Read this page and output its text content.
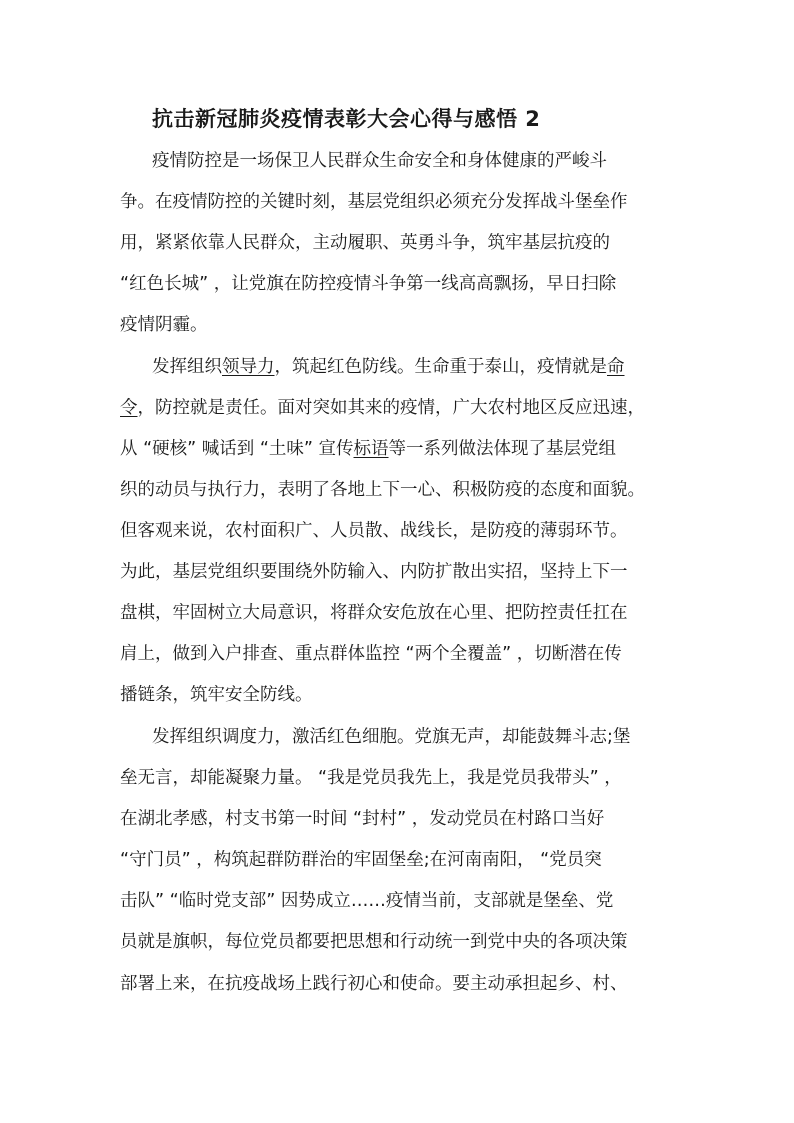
抗击新冠肺炎疫情表彰大会心得与感悟 2
疫情防控是一场保卫人民群众生命安全和身体健康的严峻斗
争。在疫情防控的关键时刻，基层党组织必须充分发挥战斗堡垒作
用，紧紧依靠人民群众，主动履职、英勇斗争，筑牢基层抗疫的
“红色长城” ，让党旗在防控疫情斗争第一线高高飘扬，早日扫除
疫情阴霾。
发挥组织领导力，筑起红色防线。生命重于泰山，疫情就是命
令，防控就是责任。面对突如其来的疫情，广大农村地区反应迅速，
从 “硬核” 喊话到 “土味” 宣传标语等一系列做法体现了基层党组
织的动员与执行力，表明了各地上下一心、积极防疫的态度和面貌。
但客观来说，农村面积广、人员散、战线长，是防疫的薄弱环节。
为此，基层党组织要围绕外防输入、内防扩散出实招，坚持上下一
盘棋，牢固树立大局意识，将群众安危放在心里、把防控责任扛在
肩上，做到入户排查、重点群体监控 “两个全覆盖” ，切断潜在传
播链条，筑牢安全防线。
发挥组织调度力，激活红色细胞。党旗无声，却能鼓舞斗志;堡
垒无言，却能凝聚力量。 “我是党员我先上，我是党员我带头” ，
在湖北孝感，村支书第一时间 “封村” ，发动党员在村路口当好
“守门员” ，构筑起群防群治的牢固堡垒;在河南南阳， “党员突
击队” “临时党支部” 因势成立……疫情当前，支部就是堡垒、党
员就是旗帜，每位党员都要把思想和行动统一到党中央的各项决策
部署上来，在抗疫战场上践行初心和使命。要主动承担起乡、村、
